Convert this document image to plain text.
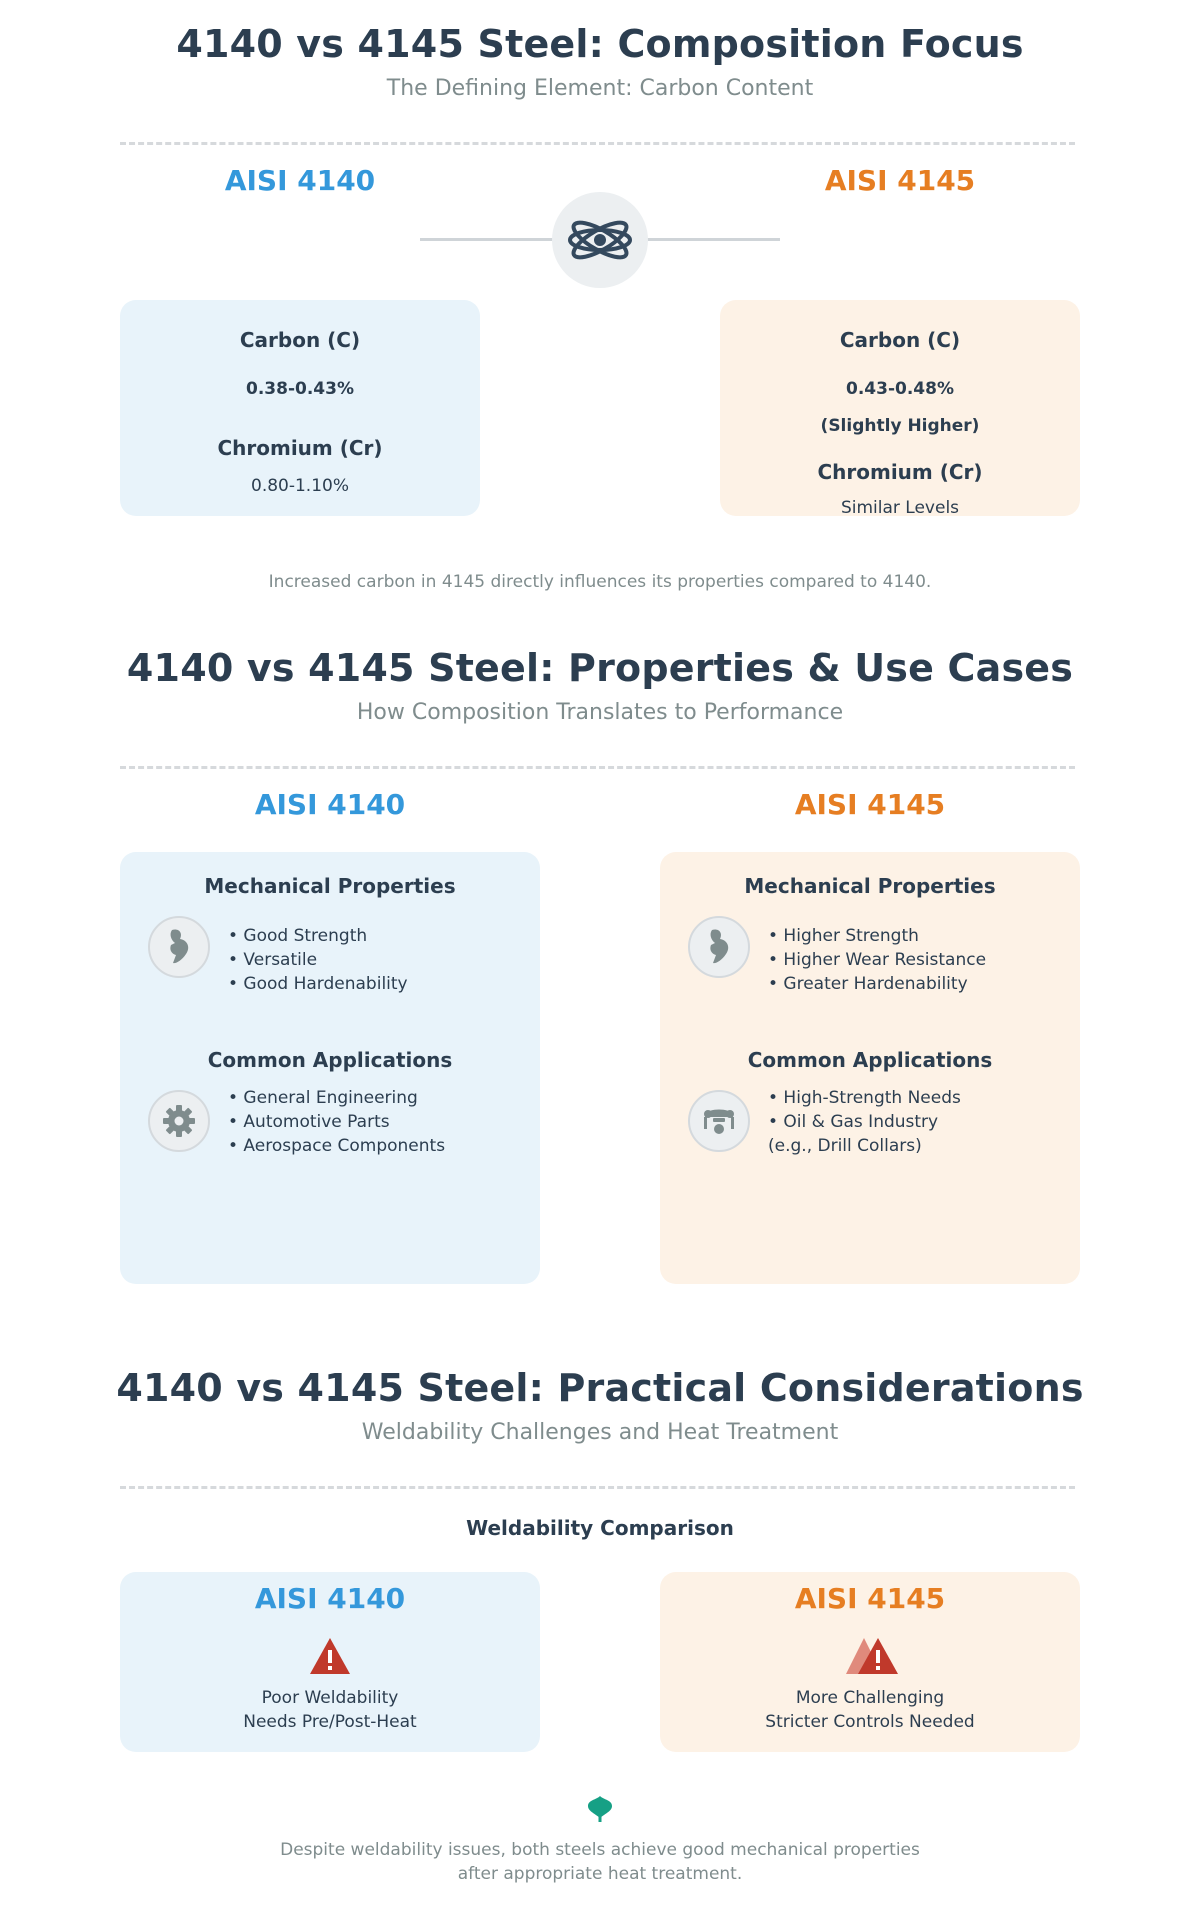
4140 vs 4145 Steel: Composition Focus
The Defining Element: Carbon Content
AISI 4140	AISI 4145
Carbon (C)
0.38-0.43%
Chromium (Cr)
0.80-1.10%
Carbon (C)
0.43-0.48%
(Slightly Higher)
Chromium (Cr)
Similar Levels
Increased carbon in 4145 directly influences its properties compared to 4140.
4140 vs 4145 Steel: Properties & Use Cases
How Composition Translates to Performance
AISI 4140	AISI 4145
Mechanical Properties
• Good Strength
• Versatile
• Good Hardenability
Common Applications
• General Engineering
• Automotive Parts
• Aerospace Components
Mechanical Properties
• Higher Strength
• Higher Wear Resistance
• Greater Hardenability
Common Applications
• High-Strength Needs
• Oil & Gas Industry
(e.g., Drill Collars)
4140 vs 4145 Steel: Practical Considerations
Weldability Challenges and Heat Treatment
Weldability Comparison
AISI 4140
Poor Weldability
Needs Pre/Post-Heat
AISI 4145
More Challenging
Stricter Controls Needed
Despite weldability issues, both steels achieve good mechanical properties
after appropriate heat treatment.
